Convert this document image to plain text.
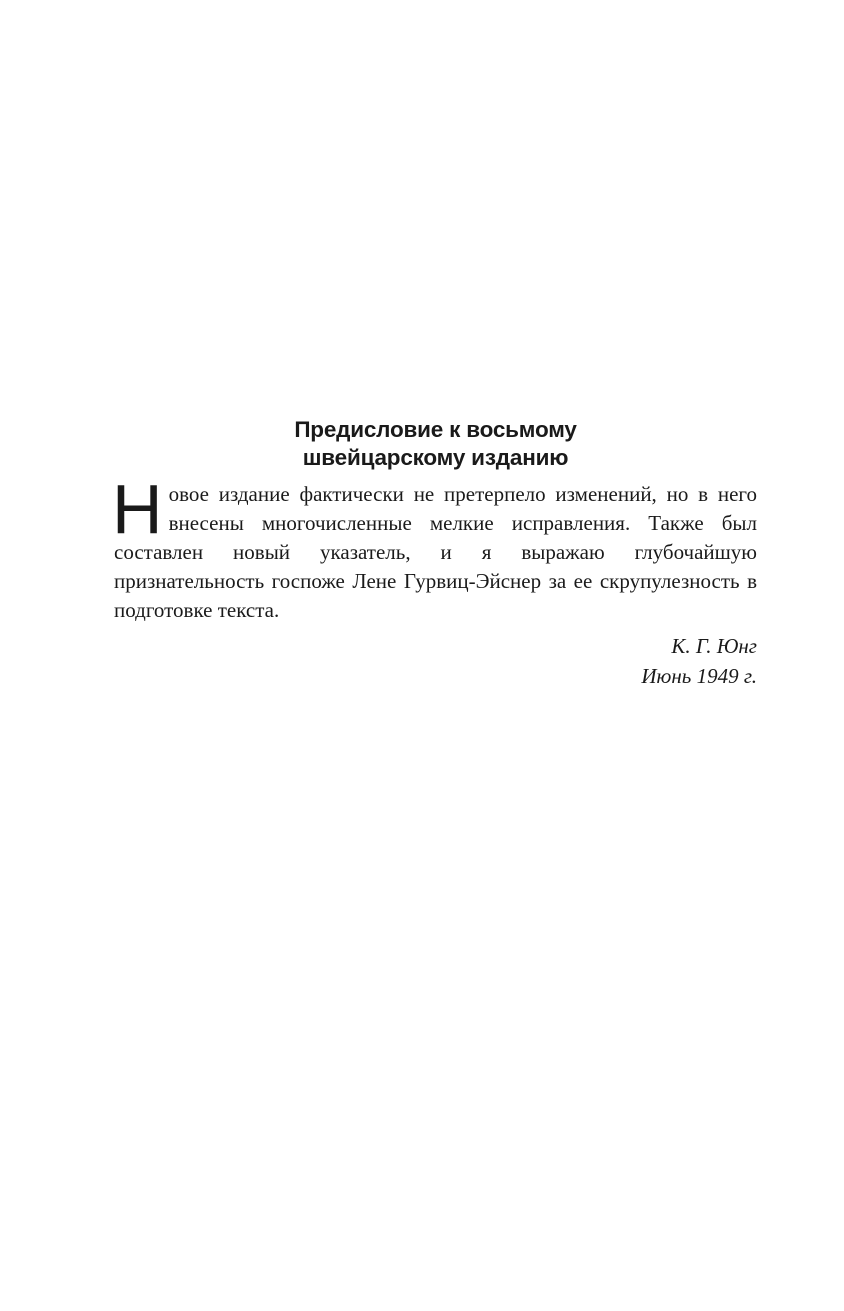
Предисловие к восьмому
швейцарскому изданию

Новое издание фактически не претерпело изменений, но в него внесены многочисленные мелкие исправления. Также был составлен новый указатель, и я выражаю глубочайшую признательность госпоже Лене Гурвиц-Эйснер за ее скрупулезность в подготовке текста.

К. Г. Юнг
Июнь 1949 г.
